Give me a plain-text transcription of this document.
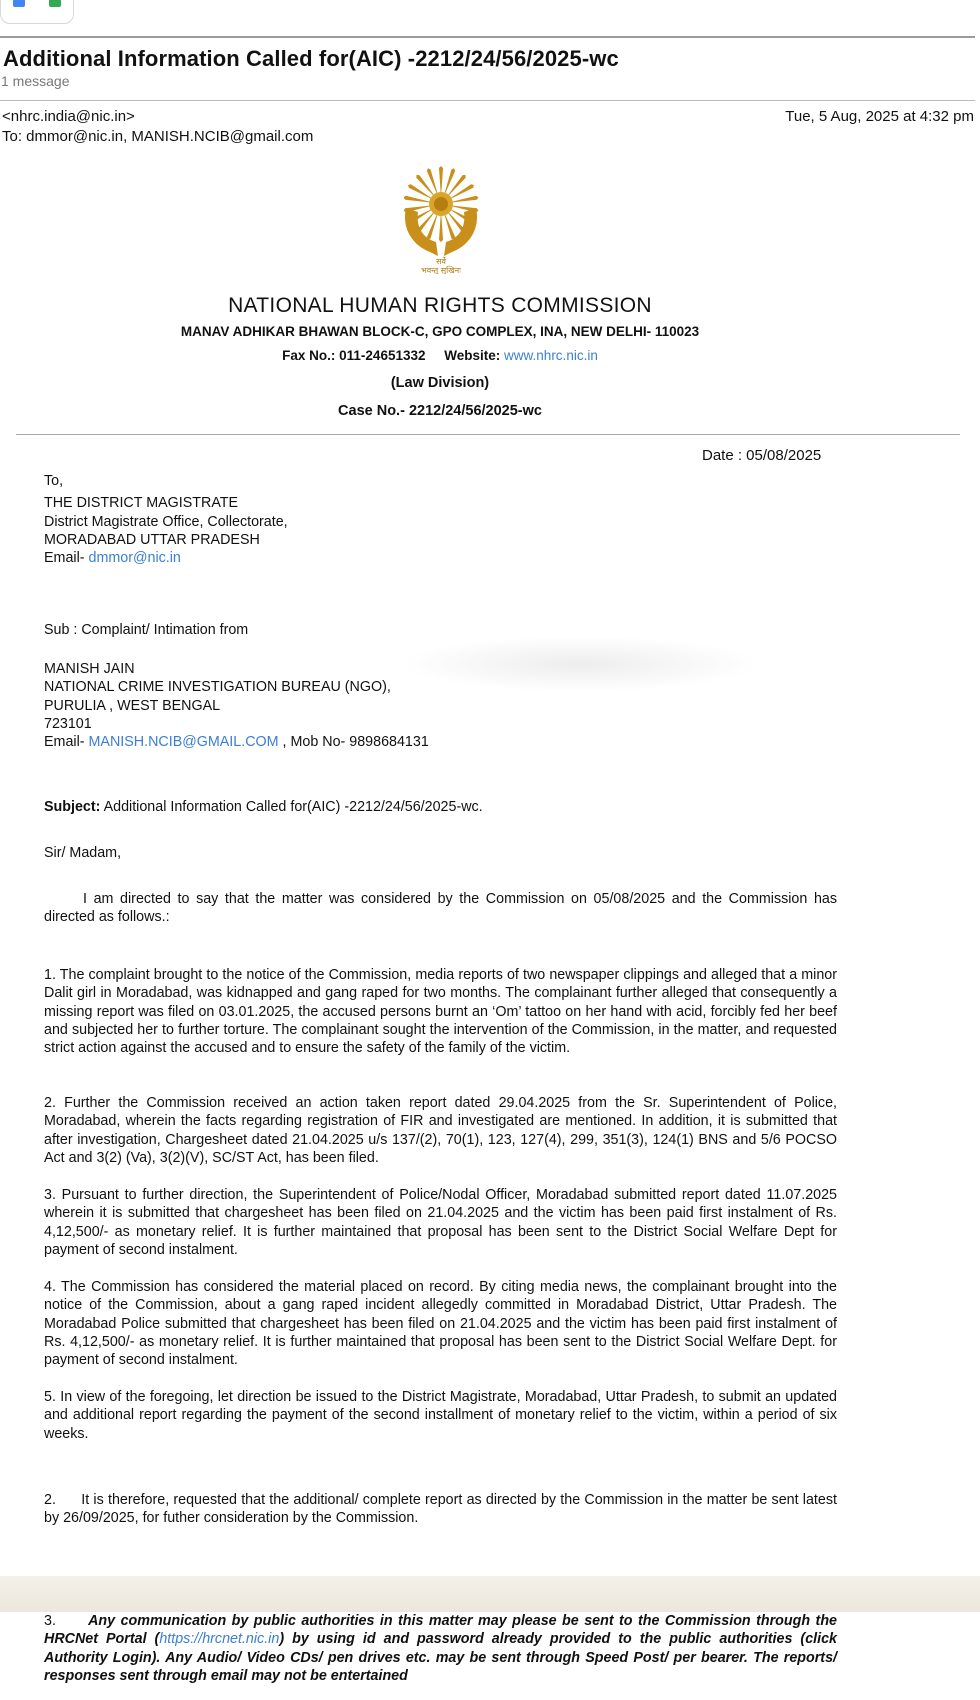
Additional Information Called for(AIC) -2212/24/56/2025-wc
1 message
<nhrc.india@nic.in>
To: dmmor@nic.in, MANISH.NCIB@gmail.com
Tue, 5 Aug, 2025 at 4:32 pm
सर्वे
भवन्तु सुखिनः
NATIONAL HUMAN RIGHTS COMMISSION
MANAV ADHIKAR BHAWAN BLOCK-C, GPO COMPLEX, INA, NEW DELHI- 110023
Fax No.: 011-24651332 Website: www.nhrc.nic.in
(Law Division)
Case No.- 2212/24/56/2025-wc
Date : 05/08/2025
To,
THE DISTRICT MAGISTRATE
District Magistrate Office, Collectorate,
MORADABAD UTTAR PRADESH
Email- dmmor@nic.in
Sub : Complaint/ Intimation from
MANISH JAIN
NATIONAL CRIME INVESTIGATION BUREAU (NGO),
PURULIA , WEST BENGAL
723101
Email- MANISH.NCIB@GMAIL.COM , Mob No- 9898684131
Subject: Additional Information Called for(AIC) -2212/24/56/2025-wc.
Sir/ Madam,
I am directed to say that the matter was considered by the Commission on 05/08/2025 and the Commission has directed as follows.:
1. The complaint brought to the notice of the Commission, media reports of two newspaper clippings and alleged that a minor Dalit girl in Moradabad, was kidnapped and gang raped for two months. The complainant further alleged that consequently a missing report was filed on 03.01.2025, the accused persons burnt an ‘Om’ tattoo on her hand with acid, forcibly fed her beef and subjected her to further torture. The complainant sought the intervention of the Commission, in the matter, and requested strict action against the accused and to ensure the safety of the family of the victim.
2. Further the Commission received an action taken report dated 29.04.2025 from the Sr. Superintendent of Police, Moradabad, wherein the facts regarding registration of FIR and investigated are mentioned. In addition, it is submitted that after investigation, Chargesheet dated 21.04.2025 u/s 137/(2), 70(1), 123, 127(4), 299, 351(3), 124(1) BNS and 5/6 POCSO Act and 3(2) (Va), 3(2)(V), SC/ST Act, has been filed.
3. Pursuant to further direction, the Superintendent of Police/Nodal Officer, Moradabad submitted report dated 11.07.2025 wherein it is submitted that chargesheet has been filed on 21.04.2025 and the victim has been paid first instalment of Rs. 4,12,500/- as monetary relief. It is further maintained that proposal has been sent to the District Social Welfare Dept for payment of second instalment.
4. The Commission has considered the material placed on record. By citing media news, the complainant brought into the notice of the Commission, about a gang raped incident allegedly committed in Moradabad District, Uttar Pradesh. The Moradabad Police submitted that chargesheet has been filed on 21.04.2025 and the victim has been paid first instalment of Rs. 4,12,500/- as monetary relief. It is further maintained that proposal has been sent to the District Social Welfare Dept. for payment of second instalment.
5. In view of the foregoing, let direction be issued to the District Magistrate, Moradabad, Uttar Pradesh, to submit an updated and additional report regarding the payment of the second installment of monetary relief to the victim, within a period of six weeks.
2. It is therefore, requested that the additional/ complete report as directed by the Commission in the matter be sent latest by 26/09/2025, for futher consideration by the Commission.
3. Any communication by public authorities in this matter may please be sent to the Commission through the HRCNet Portal (https://hrcnet.nic.in) by using id and password already provided to the public authorities (click Authority Login). Any Audio/ Video CDs/ pen drives etc. may be sent through Speed Post/ per bearer. The reports/ responses sent through email may not be entertained
